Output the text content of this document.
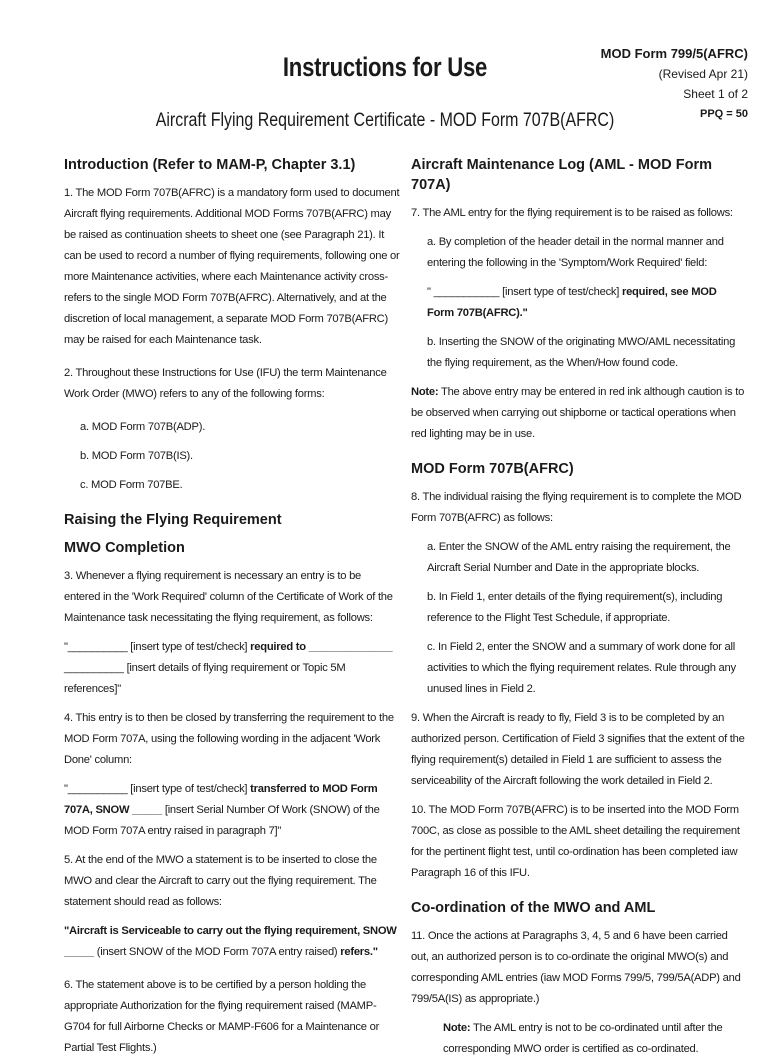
Instructions for Use
Aircraft Flying Requirement Certificate - MOD Form 707B(AFRC)
MOD Form 799/5(AFRC)
(Revised Apr 21)
Sheet 1 of 2
PPQ = 50
Introduction (Refer to MAM-P, Chapter 3.1)

1. The MOD Form 707B(AFRC) is a mandatory form used to document Aircraft flying requirements. Additional MOD Forms 707B(AFRC) may be raised as continuation sheets to sheet one (see Paragraph 21). It can be used to record a number of flying requirements, following one or more Maintenance activities, where each Maintenance activity cross-refers to the single MOD Form 707B(AFRC). Alternatively, and at the discretion of local management, a separate MOD Form 707B(AFRC) may be raised for each Maintenance task.

2. Throughout these Instructions for Use (IFU) the term Maintenance Work Order (MWO) refers to any of the following forms:

a. MOD Form 707B(ADP).

b. MOD Form 707B(IS).

c. MOD Form 707BE.

Raising the Flying Requirement
MWO Completion

3. Whenever a flying requirement is necessary an entry is to be entered in the 'Work Required' column of the Certificate of Work of the Maintenance task necessitating the flying requirement, as follows:

"__________ [insert type of test/check] required to ______________ __________ [insert details of flying requirement or Topic 5M references]"

4. This entry is to then be closed by transferring the requirement to the MOD Form 707A, using the following wording in the adjacent 'Work Done' column:

"__________ [insert type of test/check] transferred to MOD Form 707A, SNOW _____ [insert Serial Number Of Work (SNOW) of the MOD Form 707A entry raised in paragraph 7]"

5. At the end of the MWO a statement is to be inserted to close the MWO and clear the Aircraft to carry out the flying requirement. The statement should read as follows:

"Aircraft is Serviceable to carry out the flying requirement, SNOW _____ (insert SNOW of the MOD Form 707A entry raised) refers."

6. The statement above is to be certified by a person holding the appropriate Authorization for the flying requirement raised (MAMP-G704 for full Airborne Checks or MAMP-F606 for a Maintenance or Partial Test Flights.)

Aircraft Maintenance Log (AML - MOD Form 707A)

7. The AML entry for the flying requirement is to be raised as follows:

a. By completion of the header detail in the normal manner and entering the following in the 'Symptom/Work Required' field:

" ___________ [insert type of test/check] required, see MOD Form 707B(AFRC)."

b. Inserting the SNOW of the originating MWO/AML necessitating the flying requirement, as the When/How found code.

Note: The above entry may be entered in red ink although caution is to be observed when carrying out shipborne or tactical operations when red lighting may be in use.

MOD Form 707B(AFRC)

8. The individual raising the flying requirement is to complete the MOD Form 707B(AFRC) as follows:

a. Enter the SNOW of the AML entry raising the requirement, the Aircraft Serial Number and Date in the appropriate blocks.

b. In Field 1, enter details of the flying requirement(s), including reference to the Flight Test Schedule, if appropriate.

c. In Field 2, enter the SNOW and a summary of work done for all activities to which the flying requirement relates. Rule through any unused lines in Field 2.

9. When the Aircraft is ready to fly, Field 3 is to be completed by an authorized person. Certification of Field 3 signifies that the extent of the flying requirement(s) detailed in Field 1 are sufficient to assess the serviceability of the Aircraft following the work detailed in Field 2.

10. The MOD Form 707B(AFRC) is to be inserted into the MOD Form 700C, as close as possible to the AML sheet detailing the requirement for the pertinent flight test, until co-ordination has been completed iaw Paragraph 16 of this IFU.

Co-ordination of the MWO and AML

11. Once the actions at Paragraphs 3, 4, 5 and 6 have been carried out, an authorized person is to co-ordinate the original MWO(s) and corresponding AML entries (iaw MOD Forms 799/5, 799/5A(ADP) and 799/5A(IS) as appropriate.)

Note: The AML entry is not to be co-ordinated until after the corresponding MWO order is certified as co-ordinated.
